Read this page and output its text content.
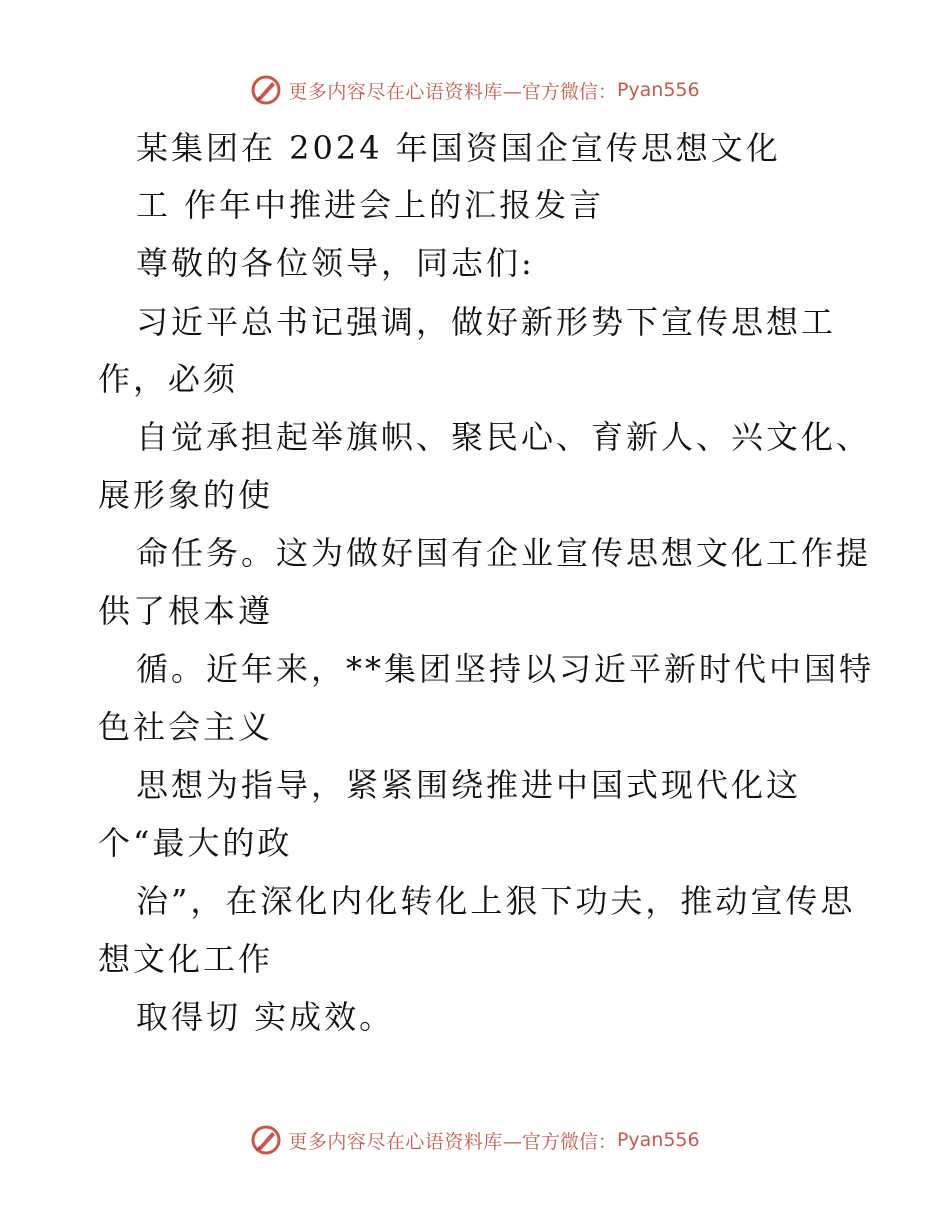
更多内容尽在心语资料库 —官方微信： Pyan556
某集团在 2024 年国资国企宣传思想文化
工 作年中推进会上的汇报发言
尊敬的各位领导，同志们:
习近平总书记强调，做好新形势下宣传思想工
作，必须
自觉承担起举旗帜、聚民心、育新人、兴文化、
展形象的使
命任务。这为做好国有企业宣传思想文化工作提
供了根本遵
循。近年来，**集团坚持以习近平新时代中国特
色社会主义
思想为指导，紧紧围绕推进中国式现代化这
个“最大的政
治”，在深化内化转化上狠下功夫，推动宣传思
想文化工作
取得切 实成效。
更多内容尽在心语资料库 —官方微信： Pyan556
